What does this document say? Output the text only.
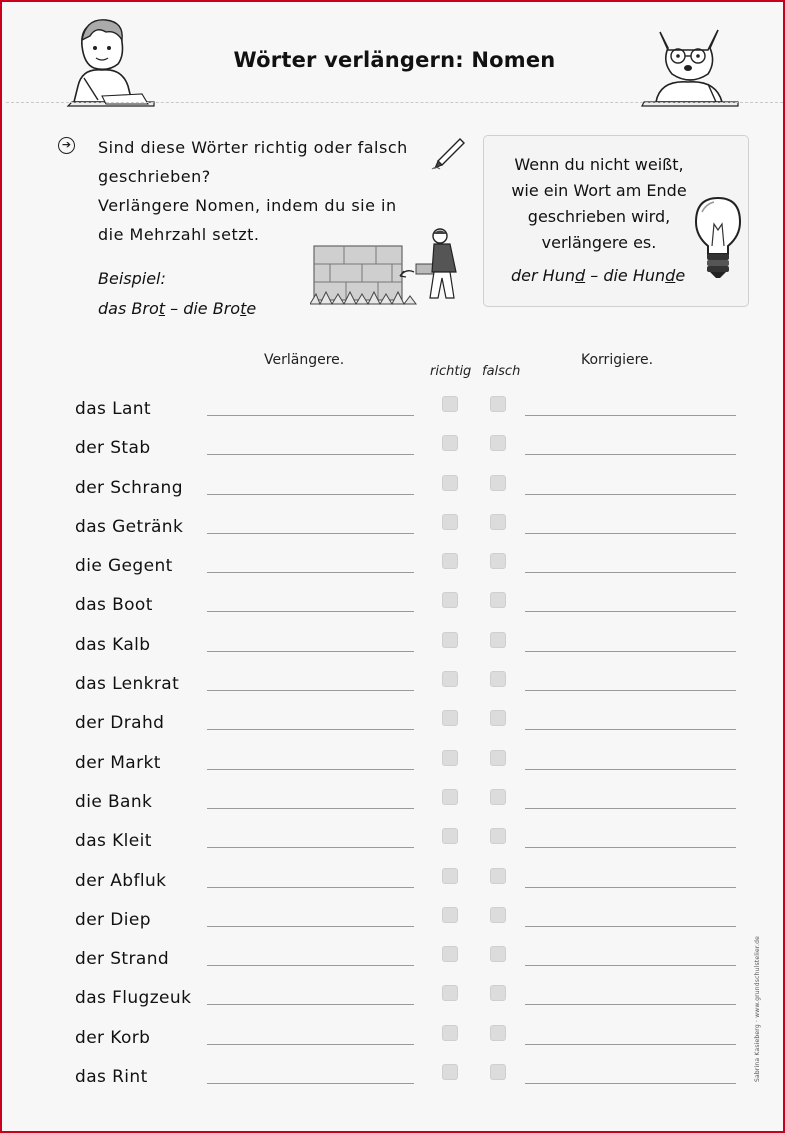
Wörter verlängern: Nomen
➔ Sind diese Wörter richtig oder falsch

geschrieben?

Verlängere Nomen, indem du sie in

die Mehrzahl setzt.

Beispiel:

das Brot – die Brote

Wenn du nicht weißt,

wie ein Wort am Ende

geschrieben wird,

verlängere es.

der Hund – die Hunde
Verlängere.
richtig falsch
Korrigiere.
das Lant
der Stab
der Schrang
das Getränk
die Gegent
das Boot
das Kalb
das Lenkrat
der Drahd
der Markt
die Bank
das Kleit
der Abfluk
der Diep
der Strand
das Flugzeuk
der Korb
das Rint	Sabrina Kasieberg · www.grundschulstelier.de
